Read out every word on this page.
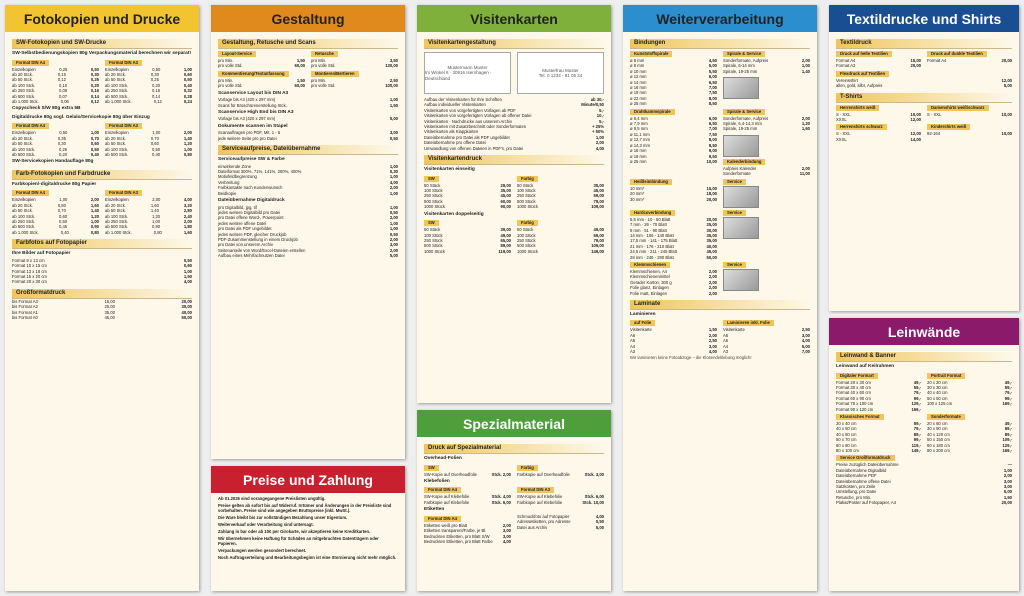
Fotokopien und Drucke
SW-Fotokopien und SW-Drucke
SW-Selbstbedienungskopien 80g Verpackungsmaterial berechnen wir separat!
Format DIN A4
Einzelkopien	0,25	0,50
ab 20 Stck.	0,15	0,30
ab 50 Stck.	0,12	0,25
ab 100 Stck.	0,10	0,20
ab 250 Stck.	0,08	0,16
ab 500 Stck.	0,07	0,14
ab 1.000 Stck.	0,06	0,12
Format DIN A3
Einzelkopien	0,50	1,00
ab 20 Stck.	0,30	0,60
ab 50 Stck.	0,25	0,50
ab 100 Stck.	0,20	0,40
ab 250 Stck.	0,16	0,32
ab 500 Stck.	0,14	0,28
ab 1.000 Stck.	0,12	0,24
Copyscheck S/W 80g extra 5B
Digitaldrucke 80g sogl. Gelalo/Servicekopie 80g über Einzug
Format DIN A4
Einzelkopien	0,50	1,00
ab 20 Stck.	0,35	0,70
ab 50 Stck.	0,30	0,60
ab 100 Stck.	0,25	0,50
ab 500 Stck.	0,20	0,40
Format DIN A3
Einzelkopien	1,00	2,00
ab 20 Stck.	0,70	1,40
ab 50 Stck.	0,60	1,20
ab 100 Stck.	0,50	1,00
ab 500 Stck.	0,40	0,80
SW-Servicekopien Handauflage 80g
Farb-Fotokopien und Farbdrucke
Farbkopien/-digitaldrucke 80g Papier
Format DIN A4
Einzelkopien	1,00	2,00
ab 20 Stck.	0,80	1,60
ab 50 Stck.	0,70	1,40
ab 100 Stck.	0,60	1,20
ab 250 Stck.	0,50	1,00
ab 500 Stck.	0,45	0,90
ab 1.000 Stck.	0,40	0,80
Format DIN A3
Einzelkopien	2,00	4,00
ab 20 Stck.	1,60	3,20
ab 50 Stck.	1,40	2,80
ab 100 Stck.	1,20	2,40
ab 250 Stck.	1,00	2,00
ab 500 Stck.	0,90	1,80
ab 1.000 Stck.	0,80	1,60
Farbfotos auf Fotopapier
Ihre Bilder auf Fotopapier
Format 9 x 13 cm	0,50
Format 10 x 15 cm	0,60
Format 13 x 18 cm	1,00
Format 15 x 20 cm	1,50
Format 20 x 30 cm	4,00
Großformatdruck
bis Format A3	15,00	20,00
bis Format A2	25,00	30,00
bis Format A1	35,00	40,00
bis Format A0	45,00	50,00
Gestaltung
Gestaltung, Retusche und Scans
Layout-Service
pro Min.	1,50
pro volle Std.	60,00
Retusche
pro Min.	3,50
pro volle Std.	130,00
Kommentierung/Textanfassung
pro Min.	1,50
pro volle Std.	60,00
Montieren/Bertieren
pro Min.	2,50
pro volle Std.	100,00
Scanservice Layout bis DIN A3
Vorlage bis A3 (420 x 297 mm)	1,00
Scans für Broschürenerstellung Stck.	1,50
Scanservice High End bis DIN A3
Vorlage bis A3 (420 x 297 mm)	5,00
Dokumente scannen im Stapel
Scanauftragen pro PDF, Mit. 1 - 5	3,00
jede weitere Seite pro pro Datei	0,50
Serviceaufpreise, Dateiübernahme
Serviceaufpreise SW & Farbe
einwirkende Zone	1,00
Dateiformat 300%, 71%, 141%, 200%, 400%	0,30
Motivfeldbegrenzung	1,00
Verbreitung	4,00
Farbkontakte nach Kundenwunsch	2,00
Beidkopie	1,00
Dateiübernahme Digitaldruck
pro Digitalbild, jpg, tif	1,00
jedes weitere Digitalbild pro Datei	0,50
pro Datei offene Word-, Powerpoint	2,00
jedes weitere offene Datei	1,00
pro Datei als PDF ungebildet	1,00
jedes weitere PDF, gleicher Druckjob	0,50
PDF-Zusammenstellung in einem Druckjob	2,00
pro Datei von unserem Archiv	3,00
Seitenanteile von Word/Excel-Dateien erstellen	2,00
Aufbau eines Mehrfachnutzen Datei	5,00
Preise und Zahlung
Ab 01.2026 sind vorangegangene Preislisten ungültig.
Preise gelten ab sofort bis auf Widerruf. Irrtümer und Änderungen in der Preisliste sind vorbehalten. Preise sind wie angegeben Bruttopreise (inkl. MwSt.).
Die Ware bleibt bis zur vollständigen Bezahlung unser Eigentum.
Weiterverkauf oder Verarbeitung sind untersagt.
Zahlung in bar oder ab 10€ per Girokarte, wir akzeptieren keine Kreditkarten.
Wir übernehmen keine Haftung für Schäden an mitgebrachten Datenträgern oder Papieren.
Verpackungen werden gesondert berechnet.
Noch Auftragserteilung und Bearbeitungsbeginn ist eine Stornierung nicht mehr möglich.
Visitenkarten
Visitenkartengestaltung
Mustermann Muster
Im Winkel 8 · 30916 Isernhagen · Deutschland
Musterfrau Muster
Tel. 0 1234 - 91 05 24
Aufbau der Visitenkarten für Ihre Schriften	ab 30,-
Aufbau individueller Visitenkarten	Minute/0,50
Visitenkarten von vorgefertigten Vorlagen ab PDF	5,-
Visitenkarten von vorgefertigten Vorlagen ab offener Datei	10,-
Visitenkarten · Nachdrucke aus unserem Archiv	5,-
Visitenkarten mit Zusatzbeschnitt oder Sonderformaten	+ 25%
Visitenkarten als Klappkarten	+ 50%
Dateiübernahme pro Datei als PDF ungebildet	1,00
Dateiübernahme pro offene Datei	2,00
Umwandlung von offenen Dateien in PDF's, pro Datei	4,00
Visitenkartendruck
Visitenkarten einseitig
SW
50 Stück	29,00
100 Stück	35,00
250 Stück	45,00
500 Stück	60,00
1000 Stück	90,00
Farbig
50 Stück	35,00
100 Stück	45,00
250 Stück	59,00
500 Stück	79,00
1000 Stück	109,00
Visitenkarten doppelseitig
SW
50 Stück	39,00
100 Stück	49,00
250 Stück	65,00
500 Stück	89,00
1000 Stück	119,00
Farbig
50 Stück	49,00
100 Stück	59,00
250 Stück	79,00
500 Stück	109,00
1000 Stück	149,00
Spezialmaterial
Druck auf Spezialmaterial
Overhead-Folien
SW
SW-Kopie auf Overheadfolie	Stck. 2,00
Farbig
Farbkopie auf Overheadfolie	Stck. 3,00
Klebefolien
Format DIN A4
SW-Kopie auf Klebefolie	Stck. 4,00
Farbkopie auf Klebefolie	Stck. 6,00
Format DIN A3
SW-Kopie auf Klebefolie	Stck. 6,00
Farbkopie auf Klebefolie	Stck. 10,00
Etiketten
Format DIN A4
Etiketten weiß pro Blatt	2,00
Etiketten transparent/Farbe, je Bl.	3,00
Bedruckten Etiketten, pro Blatt S/W	3,00
Bedruckten Etiketten, pro Blatt Farbe 4,00
Schmuckfoto auf Fotopapier	4,00
Adressetiketten, pro Adresse	0,50
Datei aus Archiv	5,00
Weiterverarbeitung
Bindungen
Kunststoffspirale
ø 6 mm	4,50
ø 8 mm	5,00
ø 10 mm	5,50
ø 12 mm	6,00
ø 14 mm	6,50
ø 16 mm	7,00
ø 19 mm	7,50
ø 22 mm	8,00
ø 25 mm	8,50
Spirale & Service
Sonderformate, Aufpreis	2,00
Spirale, 6-14 mm	1,00
Spirale, 19-25 mm	1,40
Drahtkammspirale
ø 6,4 mm	6,00
ø 7,9 mm	6,50
ø 9,5 mm	7,00
ø 11,1 mm	7,50
ø 12,7 mm	8,00
ø 14,3 mm	8,50
ø 16 mm	9,00
ø 19 mm	9,50
ø 25 mm	10,00
Spirale & Service
Sonderformate, Aufpreis	2,00
Spirale, 6,4-14,3 mm	1,20
Spirale, 19-25 mm	1,60
Kalenderbindung
Aufpreis Kalender	2,00
Sonderformate	11,00
Heißleimbindung
10 mm*	15,00
20 mm*	18,00
30 mm*	20,00
Service
Hardcoverbindung
5,5 mm · 10 - 50 Blatt	20,00
7 mm · 26 - 70 Blatt	25,00
9 mm · 51 - 90 Blatt	30,00
14 mm · 106 - 140 Blatt	35,00
17,5 mm · 141 - 175 Blatt	35,00
21 mm · 176 - 210 Blatt	40,00
24,5 mm · 211 - 245 Blatt	45,00
28 mm · 246 - 280 Blatt	50,00
Service
Klemmschienen
Klemmschienen, A4	2,00
Klemmschienenmittel	2,00
Gerader Karton, 300 g	2,00
Folie glanz, Einlagen	2,00
Folie matt, Einlagen	2,00
Service
Laminate
Laminieren
auf Folie
Visitenkarte	1,50
A6	2,00
A5	2,50
A4	3,00
A3	4,00
Laminieren inkl. Folie
Visitenkarte	2,50
A6	3,00
A5	4,00
A4	5,00
A3	7,00
Wir laminieren keine Fotoabzüge – die Klosendeklebung möglich!
Textildrucke und Shirts
Textildruck
Druck auf helle Textilien
Format A4	15,00
Format A3	20,00
Druck auf dunkle Textilien
Format A4	20,00
Flexdruck auf Textilien
Vereinsshirt	12,00
allen, gold, silbr, Aufpreis	5,00
T-Shirts
Herrenshirts weiß
S - XXL	10,00
XXXL	12,00
Damenshirts weiß/schwarz
S - XXL	10,00
Herrenshirts schwarz
S - XXL	12,00
XXXL	14,00
Kindershirts weiß
92-164	10,00
Leinwände
Leinwand & Banner
Leinwand auf Keilrahmen
Digitaler Formart
Format 20 x 30 cm	49,-
Format 30 x 40 cm	59,-
Format 40 x 60 cm	79,-
Format 60 x 90 cm	99,-
Format 75 x 100 cm	129,-
Format 90 x 120 cm	169,-
Portrait Format
20 x 20 cm	49,-
30 x 30 cm	59,-
40 x 40 cm	79,-
50 x 50 cm	99,-
100 x 125 cm	169,-
Klassisches Format
30 x 40 cm	59,-
40 x 50 cm	79,-
40 x 60 cm	89,-
50 x 70 cm	99,-
60 x 80 cm	119,-
80 x 100 cm	149,-
Sonderformate
20 x 60 cm	49,-
30 x 90 cm	69,-
40 x 120 cm	89,-
50 x 150 cm	109,-
60 x 180 cm	129,-
80 x 200 cm	169,-
Service Großformatdruck
Preise zuzüglich Dateiübernahme	—
Dateiübernahme Digitalbild	1,00
Dateiübernahme PDF	2,00
Dateiübernahme offene Datei	3,00
Satzkosten, pro Zeile	3,00
Umstellung, pro Datei	5,00
Retusche, pro Min.	1,50
Plakat/Poster auf Fotopapier, A4	20,00
